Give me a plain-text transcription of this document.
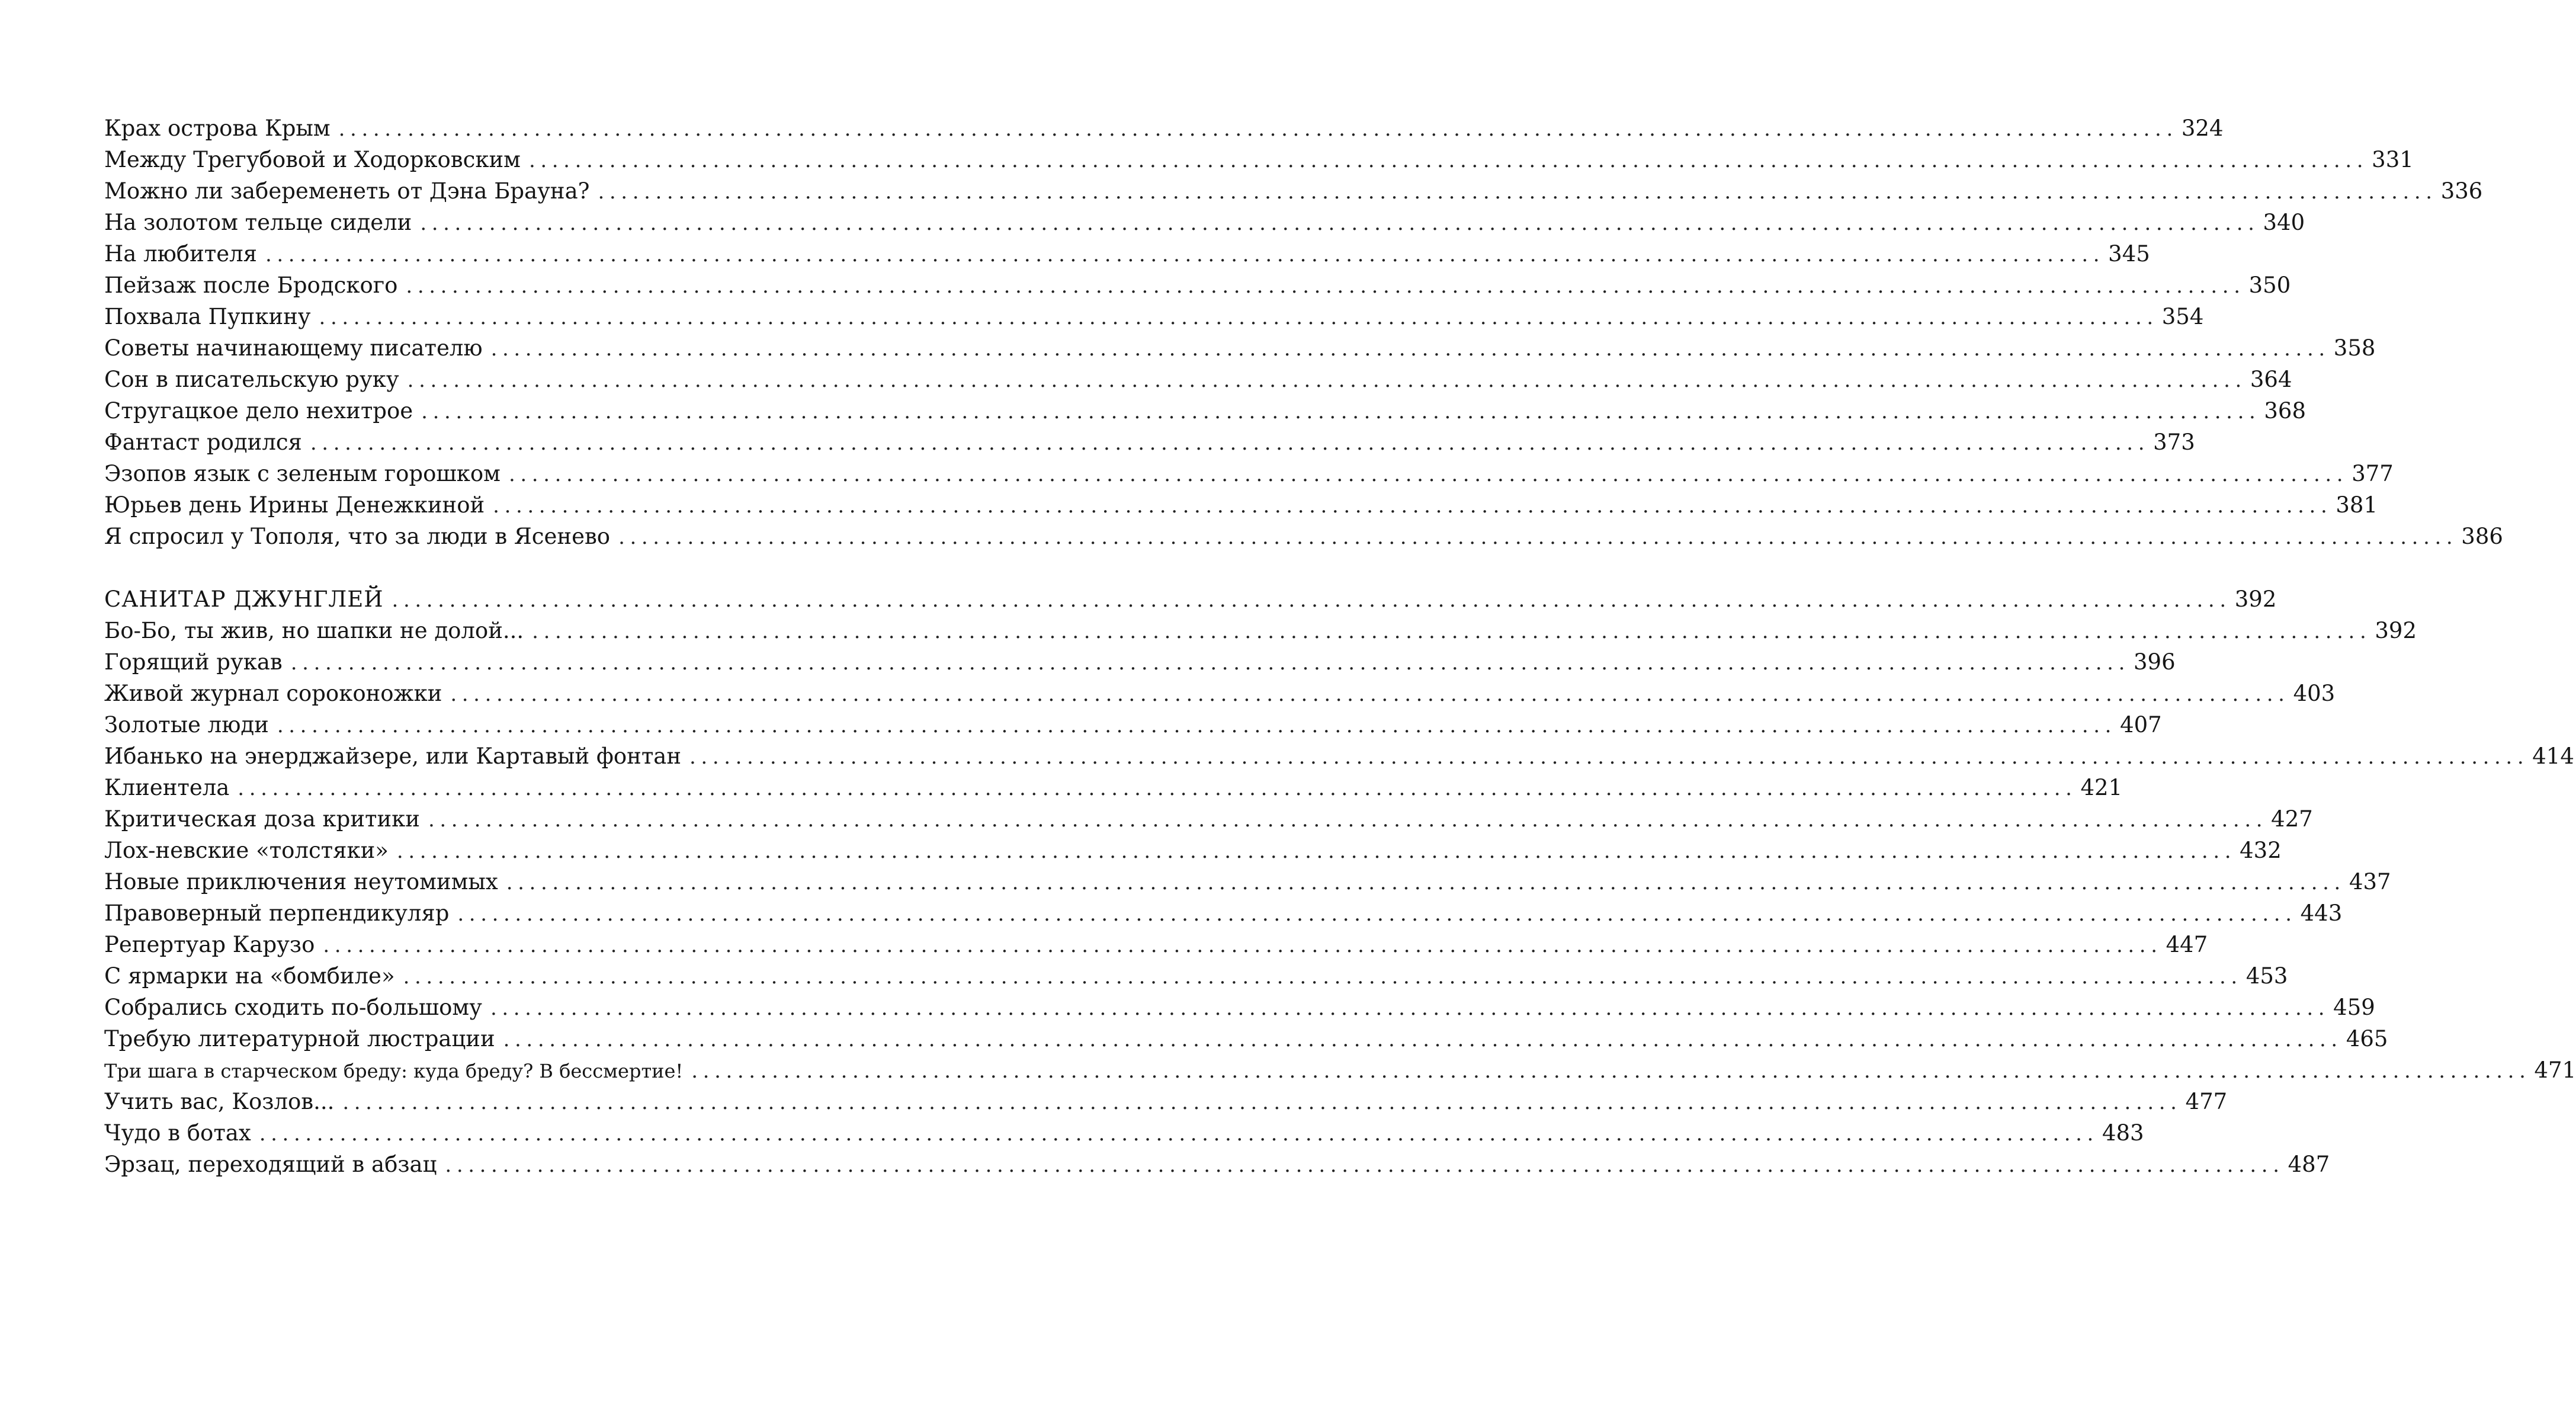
Крах острова Крым ................................................................................................................................................................ 324
Между Трегубовой и Ходорковским ................................................................................................................................................................ 331
Можно ли забеременеть от Дэна Брауна? ................................................................................................................................................................ 336
На золотом тельце сидели ................................................................................................................................................................ 340
На любителя ................................................................................................................................................................ 345
Пейзаж после Бродского ................................................................................................................................................................ 350
Похвала Пупкину ................................................................................................................................................................ 354
Советы начинающему писателю ................................................................................................................................................................ 358
Сон в писательскую руку ................................................................................................................................................................ 364
Стругацкое дело нехитрое ................................................................................................................................................................ 368
Фантаст родился ................................................................................................................................................................ 373
Эзопов язык с зеленым горошком ................................................................................................................................................................ 377
Юрьев день Ирины Денежкиной ................................................................................................................................................................ 381
Я спросил у Тополя, что за люди в Ясенево ................................................................................................................................................................ 386
САНИТАР ДЖУНГЛЕЙ ................................................................................................................................................................ 392
Бо-Бо, ты жив, но шапки не долой... ................................................................................................................................................................ 392
Горящий рукав ................................................................................................................................................................ 396
Живой журнал сороконожки ................................................................................................................................................................ 403
Золотые люди ................................................................................................................................................................ 407
Ибанько на энерджайзере, или Картавый фонтан ................................................................................................................................................................ 414
Клиентела ................................................................................................................................................................ 421
Критическая доза критики ................................................................................................................................................................ 427
Лох-невские «толстяки» ................................................................................................................................................................ 432
Новые приключения неутомимых ................................................................................................................................................................ 437
Правоверный перпендикуляр ................................................................................................................................................................ 443
Репертуар Карузо ................................................................................................................................................................ 447
С ярмарки на «бомбиле» ................................................................................................................................................................ 453
Собрались сходить по-большому ................................................................................................................................................................ 459
Требую литературной люстрации ................................................................................................................................................................ 465
Три шага в старческом бреду: куда бреду? В бессмертие! ................................................................................................................................................................ 471
Учить вас, Козлов... ................................................................................................................................................................ 477
Чудо в ботах ................................................................................................................................................................ 483
Эрзац, переходящий в абзац ................................................................................................................................................................ 487
